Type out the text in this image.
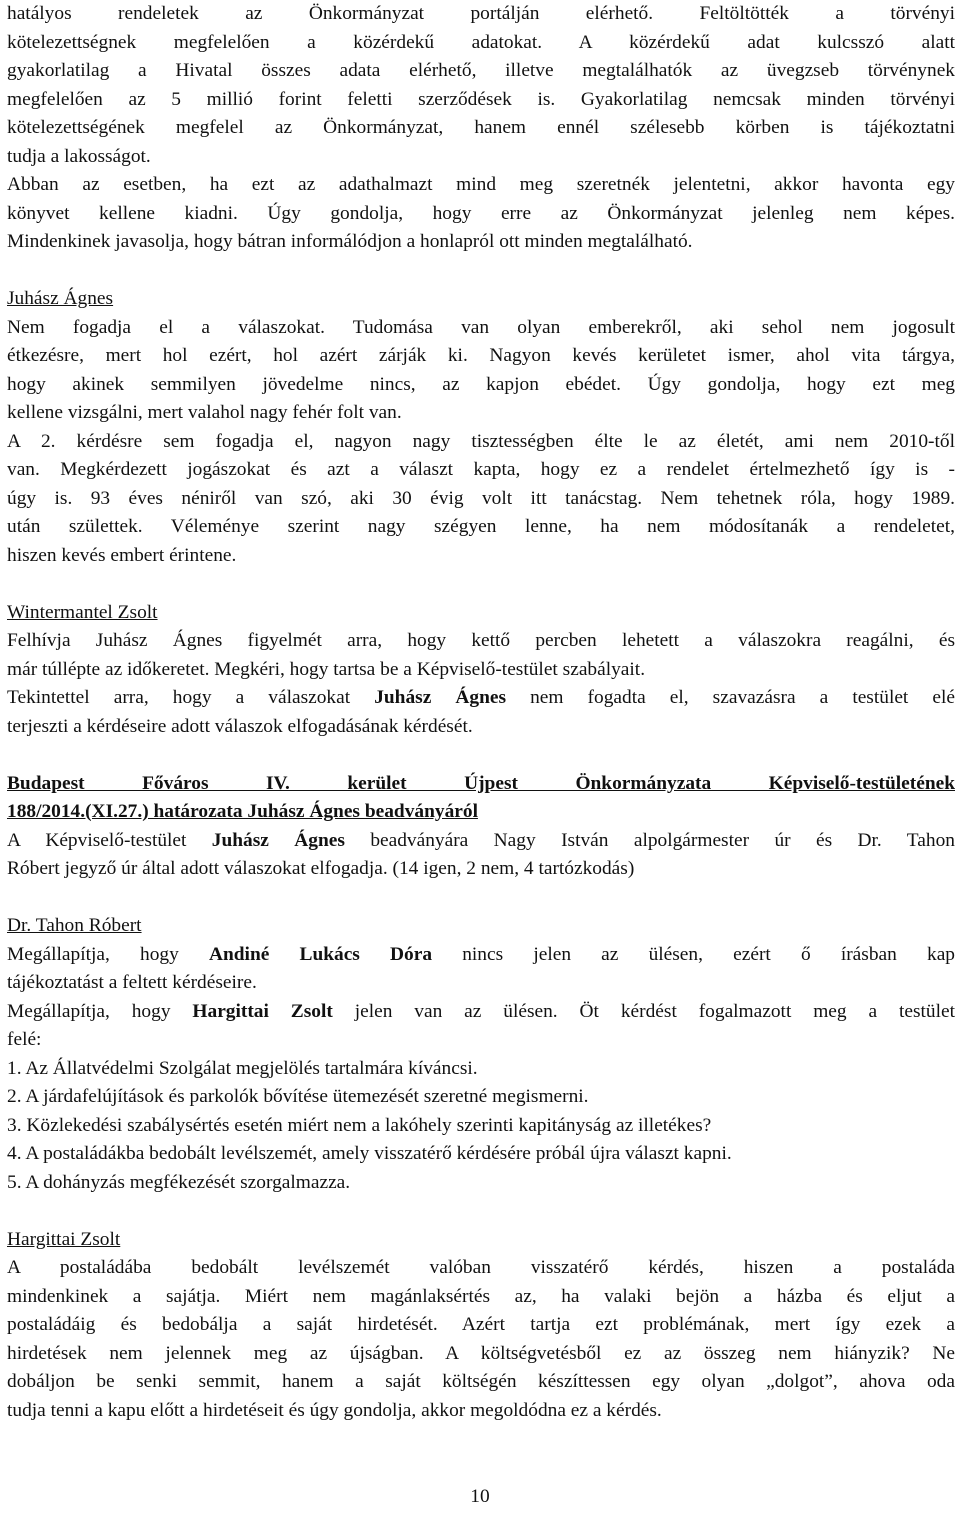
hatályos rendeletek az Önkormányzat portálján elérhető. Feltöltötték a törvényi
kötelezettségnek megfelelően a közérdekű adatokat. A közérdekű adat kulcsszó alatt
gyakorlatilag a Hivatal összes adata elérhető, illetve megtalálhatók az üvegzseb törvénynek
megfelelően az 5 millió forint feletti szerződések is. Gyakorlatilag nemcsak minden törvényi
kötelezettségének megfelel az Önkormányzat, hanem ennél szélesebb körben is tájékoztatni
tudja a lakosságot.
Abban az esetben, ha ezt az adathalmazt mind meg szeretnék jelentetni, akkor havonta egy
könyvet kellene kiadni. Úgy gondolja, hogy erre az Önkormányzat jelenleg nem képes.
Mindenkinek javasolja, hogy bátran informálódjon a honlapról ott minden megtalálható.
Juhász Ágnes
Nem fogadja el a válaszokat. Tudomása van olyan emberekről, aki sehol nem jogosult
étkezésre, mert hol ezért, hol azért zárják ki. Nagyon kevés kerületet ismer, ahol vita tárgya,
hogy akinek semmilyen jövedelme nincs, az kapjon ebédet. Úgy gondolja, hogy ezt meg
kellene vizsgálni, mert valahol nagy fehér folt van.
A 2. kérdésre sem fogadja el, nagyon nagy tisztességben élte le az életét, ami nem 2010-től
van. Megkérdezett jogászokat és azt a választ kapta, hogy ez a rendelet értelmezhető így is -
úgy is. 93 éves néniről van szó, aki 30 évig volt itt tanácstag. Nem tehetnek róla, hogy 1989.
után születtek. Véleménye szerint nagy szégyen lenne, ha nem módosítanák a rendeletet,
hiszen kevés embert érintene.
Wintermantel Zsolt
Felhívja Juhász Ágnes figyelmét arra, hogy kettő percben lehetett a válaszokra reagálni, és
már túllépte az időkeretet. Megkéri, hogy tartsa be a Képviselő-testület szabályait.
Tekintettel arra, hogy a válaszokat Juhász Ágnes nem fogadta el, szavazásra a testület elé
terjeszti a kérdéseire adott válaszok elfogadásának kérdését.
Budapest Főváros IV. kerület Újpest Önkormányzata Képviselő-testületének
188/2014.(XI.27.) határozata Juhász Ágnes beadványáról
A Képviselő-testület Juhász Ágnes beadványára Nagy István alpolgármester úr és Dr. Tahon
Róbert jegyző úr által adott válaszokat elfogadja. (14 igen, 2 nem, 4 tartózkodás)
Dr. Tahon Róbert
Megállapítja, hogy Andiné Lukács Dóra nincs jelen az ülésen, ezért ő írásban kap
tájékoztatást a feltett kérdéseire.
Megállapítja, hogy Hargittai Zsolt jelen van az ülésen. Öt kérdést fogalmazott meg a testület
felé:
1. Az Állatvédelmi Szolgálat megjelölés tartalmára kíváncsi.
2. A járdafelújítások és parkolók bővítése ütemezését szeretné megismerni.
3. Közlekedési szabálysértés esetén miért nem a lakóhely szerinti kapitányság az illetékes?
4. A postaládákba bedobált levélszemét, amely visszatérő kérdésére próbál újra választ kapni.
5. A dohányzás megfékezését szorgalmazza.
Hargittai Zsolt
A postaládába bedobált levélszemét valóban visszatérő kérdés, hiszen a postaláda
mindenkinek a sajátja. Miért nem magánlaksértés az, ha valaki bejön a házba és eljut a
postaládáig és bedobálja a saját hirdetését. Azért tartja ezt problémának, mert így ezek a
hirdetések nem jelennek meg az újságban. A költségvetésből ez az összeg nem hiányzik? Ne
dobáljon be senki semmit, hanem a saját költségén készíttessen egy olyan „dolgot”, ahova oda
tudja tenni a kapu előtt a hirdetéseit és úgy gondolja, akkor megoldódna ez a kérdés.
10
